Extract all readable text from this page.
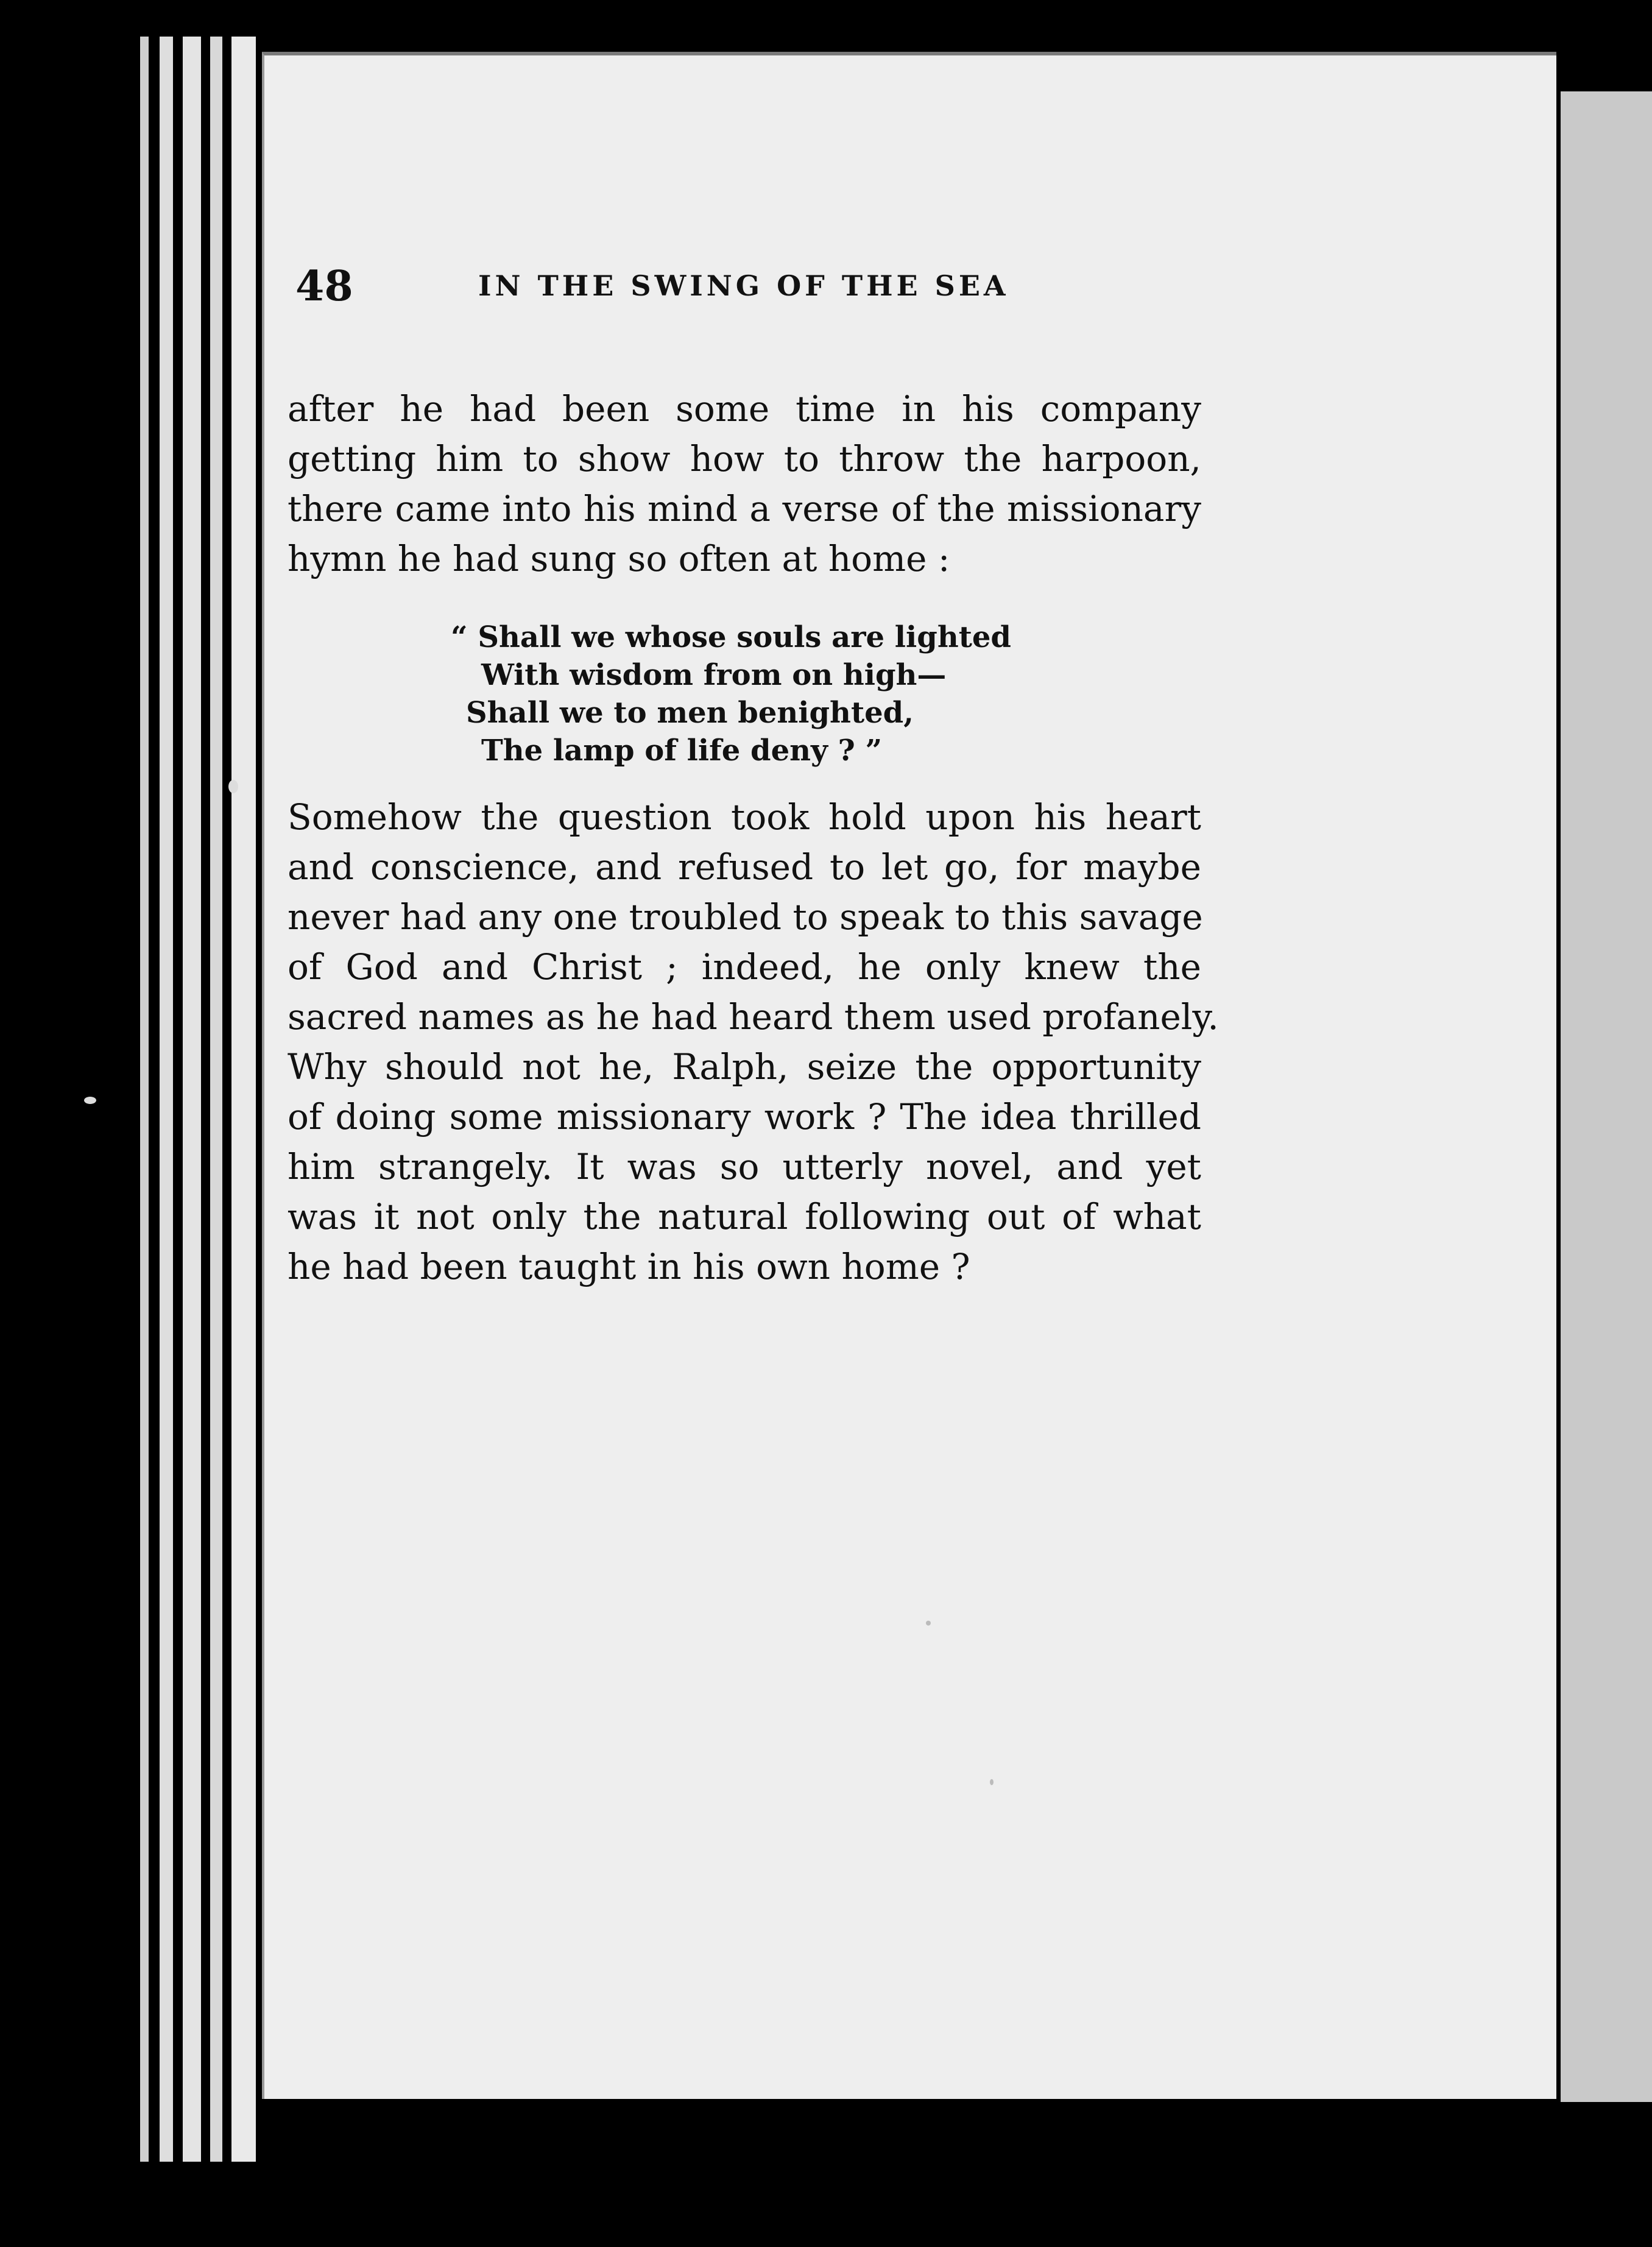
48	IN THE SWING OF THE SEA
after he had been some time in his company
getting him to show how to throw the harpoon,
there came into his mind a verse of the missionary
hymn he had sung so often at home :
“ Shall we whose souls are lighted
With wisdom from on high—
Shall we to men benighted,
The lamp of life deny ? ”
Somehow the question took hold upon his heart
and conscience, and refused to let go, for maybe
never had any one troubled to speak to this savage
of God and Christ ; indeed, he only knew the
sacred names as he had heard them used profanely.
Why should not he, Ralph, seize the opportunity
of doing some missionary work ? The idea thrilled
him strangely. It was so utterly novel, and yet
was it not only the natural following out of what
he had been taught in his own home ?
